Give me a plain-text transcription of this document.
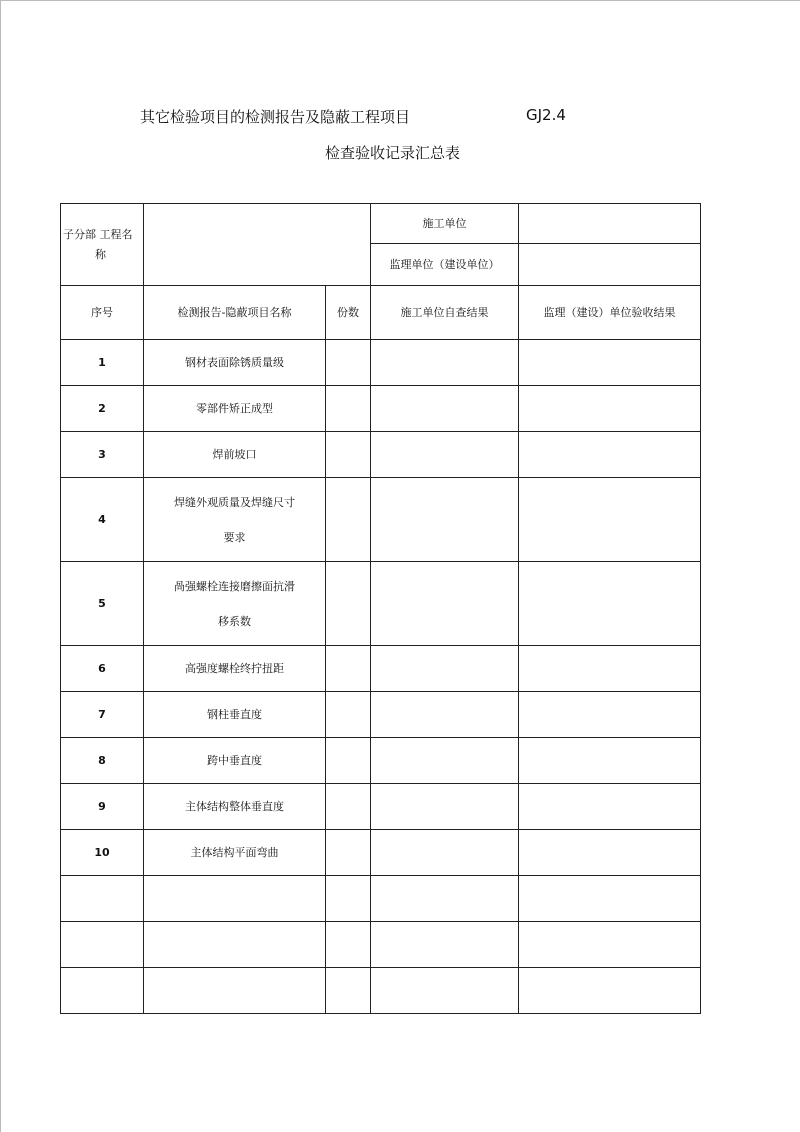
其它检验项目的检测报告及隐蔽工程项目	GJ2.4
检查验收记录汇总表
子分部 工程名
称			施工单位	
			监理单位（建设单位）	
序号	检测报告-隐蔽项目名称	份数	施工单位自查结果	监理（建设）单位验收结果
1	钢材表面除锈质量级			
2	零部件矫正成型			
3	焊前坡口			
4	焊缝外观质量及焊缝尺寸
要求			

5	咼强螺栓连接磨擦面抗滑
移系数			

6	高强度螺栓终拧扭距			
7	钢柱垂直度			
8	跨中垂直度			
9	主体结构整体垂直度			
10	主体结构平面弯曲			
